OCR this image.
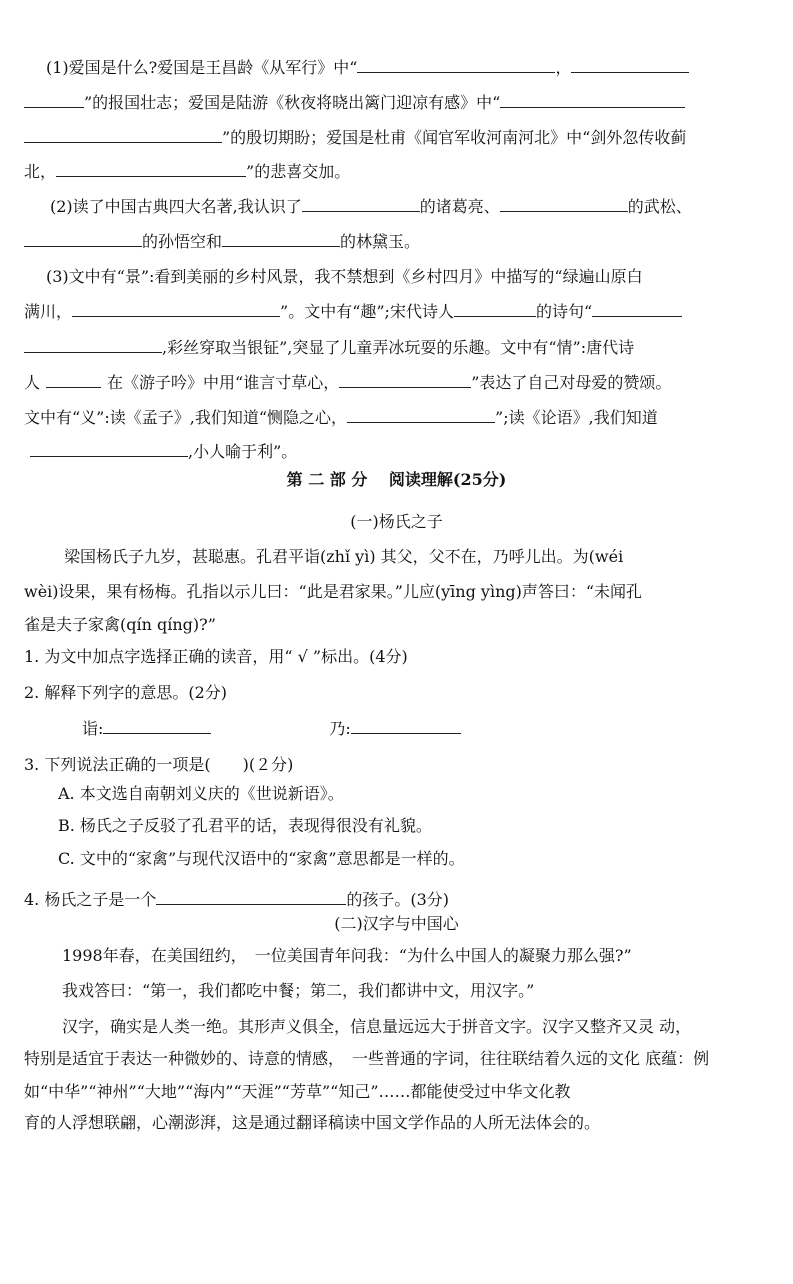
(1)爱国是什么?爱国是王昌龄《从军行》中“	，
”的报国壮志；爱国是陆游《秋夜将晓出篱门迎凉有感》中“
”的殷切期盼；爱国是杜甫《闻官军收河南河北》中“剑外忽传收蓟
北，	”的悲喜交加。
(2)读了中国古典四大名著,我认识了	的诸葛亮、	的武松、
的孙悟空和	的林黛玉。
(3)文中有“景”:看到美丽的乡村风景，我不禁想到《乡村四月》中描写的“绿遍山原白
满川，	”。文中有“趣”;宋代诗人	的诗句“
,彩丝穿取当银钲”,突显了儿童弄冰玩耍的乐趣。文中有“情”:唐代诗
人	在《游子吟》中用“谁言寸草心，	”表达了自己对母爱的赞颂。
文中有“义”:读《孟子》,我们知道“恻隐之心，	”;读《论语》,我们知道
,小人喻于利”。
第 二 部 分　 阅读理解(25分)
(一)杨氏之子
梁国杨氏子九岁，甚聪惠。孔君平诣(zhǐ yì) 其父，父不在，乃呼儿出。为(wéi
wèi)设果，果有杨梅。孔指以示儿曰：“此是君家果。”儿应(yīng yìng)声答曰：“未闻孔
雀是夫子家禽(qín qíng)?”
1. 为文中加点字选择正确的读音，用“ √ ”标出。(4分)
2. 解释下列字的意思。(2分)
诣:	乃:
3. 下列说法正确的一项是(　　)(２分)
A. 本文选自南朝刘义庆的《世说新语》。
B. 杨氏之子反驳了孔君平的话，表现得很没有礼貌。
C. 文中的“家禽”与现代汉语中的“家禽”意思都是一样的。
4. 杨氏之子是一个	的孩子。(3分)
(二)汉字与中国心
1998年春，在美国纽约，　一位美国青年问我：“为什么中国人的凝聚力那么强?”
我戏答曰：“第一，我们都吃中餐；第二，我们都讲中文，用汉字。”
汉字，确实是人类一绝。其形声义俱全，信息量远远大于拼音文字。汉字又整齐又灵 动，
特别是适宜于表达一种微妙的、诗意的情感，　一些普通的字词，往往联结着久远的文化 底蕴：例
如“中华”“神州”“大地”“海内”“天涯”“芳草”“知己”……都能使受过中华文化教
育的人浮想联翩，心潮澎湃，这是通过翻译稿读中国文学作品的人所无法体会的。
